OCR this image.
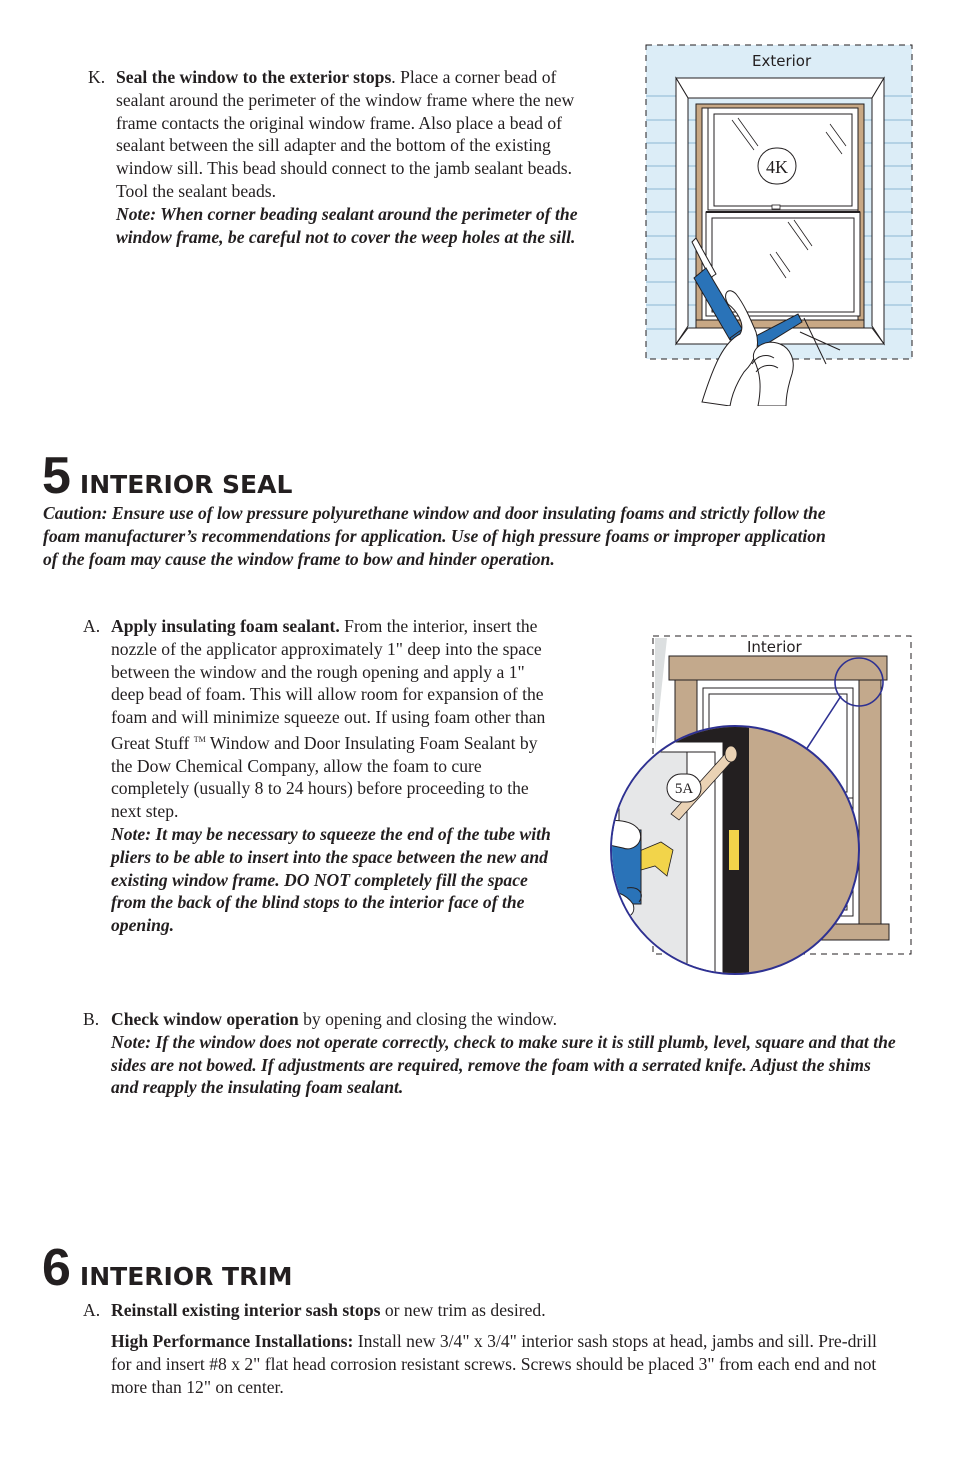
K. Seal the window to the exterior stops. Place a corner bead of sealant around the perimeter of the window frame where the new frame contacts the original window frame. Also place a bead of sealant between the sill adapter and the bottom of the existing window sill. This bead should connect to the jamb sealant beads. Tool the sealant beads.
Note: When corner beading sealant around the perimeter of the window frame, be careful not to cover the weep holes at the sill.
Exterior
4K
5 INTERIOR SEAL
Caution: Ensure use of low pressure polyurethane window and door insulating foams and strictly follow the foam manufacturer’s recommendations for application. Use of high pressure foams or improper application of the foam may cause the window frame to bow and hinder operation.
A. Apply insulating foam sealant. From the interior, insert the nozzle of the applicator approximately 1" deep into the space between the window and the rough opening and apply a 1" deep bead of foam. This will allow room for expansion of the foam and will minimize squeeze out. If using foam other than Great Stuff ™ Window and Door Insulating Foam Sealant by the Dow Chemical Company, allow the foam to cure completely (usually 8 to 24 hours) before proceeding to the next step.
Note: It may be necessary to squeeze the end of the tube with pliers to be able to insert into the space between the new and existing window frame. DO NOT completely fill the space from the back of the blind stops to the interior face of the opening.
Interior
5A
B. Check window operation by opening and closing the window.
Note: If the window does not operate correctly, check to make sure it is still plumb, level, square and that the sides are not bowed. If adjustments are required, remove the foam with a serrated knife. Adjust the shims and reapply the insulating foam sealant.
6 INTERIOR TRIM
A. Reinstall existing interior sash stops or new trim as desired.
High Performance Installations: Install new 3/4" x 3/4" interior sash stops at head, jambs and sill. Pre-drill for and insert #8 x 2" flat head corrosion resistant screws. Screws should be placed 3" from each end and not more than 12" on center.
